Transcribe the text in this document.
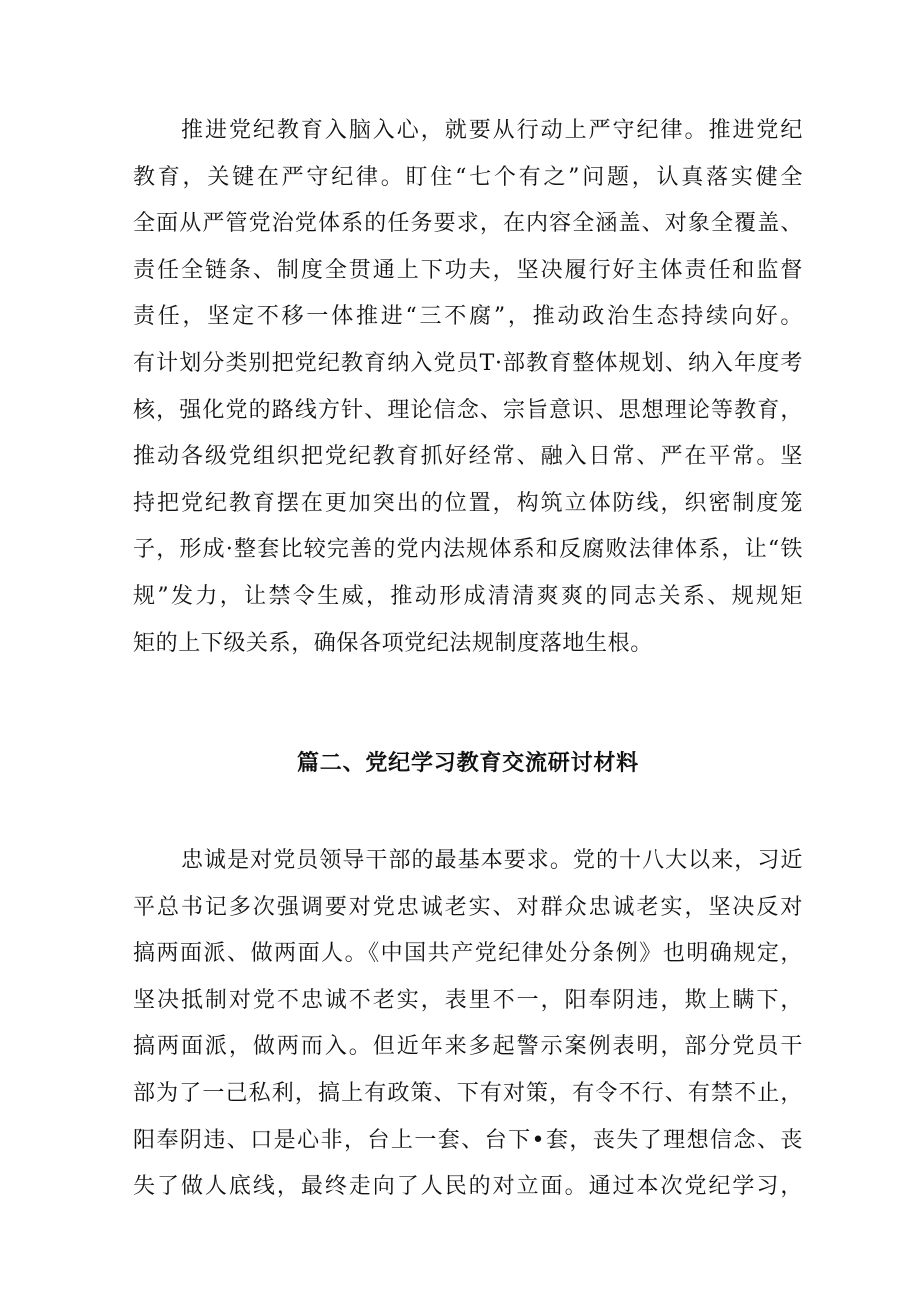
推进党纪教育入脑入心，就要从行动上严守纪律。推进党纪
教育，关键在严守纪律。盯住“七个有之”问题，认真落实健全
全面从严管党治党体系的任务要求，在内容全涵盖、对象全覆盖、
责任全链条、制度全贯通上下功夫，坚决履行好主体责任和监督
责任，坚定不移一体推进“三不腐”，推动政治生态持续向好。
有计划分类别把党纪教育纳入党员T·部教育整体规划、纳入年度考
核，强化党的路线方针、理论信念、宗旨意识、思想理论等教育，
推动各级党组织把党纪教育抓好经常、融入日常、严在平常。坚
持把党纪教育摆在更加突出的位置，构筑立体防线，织密制度笼
子，形成·整套比较完善的党内法规体系和反腐败法律体系，让“铁
规”发力，让禁令生威，推动形成清清爽爽的同志关系、规规矩
矩的上下级关系，确保各项党纪法规制度落地生根。

篇二、党纪学习教育交流研讨材料

忠诚是对党员领导干部的最基本要求。党的十八大以来，习近
平总书记多次强调要对党忠诚老实、对群众忠诚老实，坚决反对
搞两面派、做两面人。《中国共产党纪律处分条例》也明确规定，
坚决抵制对党不忠诚不老实，表里不一，阳奉阴违，欺上瞒下，
搞两面派，做两而入。但近年来多起警示案例表明，部分党员干
部为了一己私利，搞上有政策、下有对策，有令不行、有禁不止，
阳奉阴违、口是心非，台上一套、台下•套，丧失了理想信念、丧
失了做人底线，最终走向了人民的对立面。通过本次党纪学习，
